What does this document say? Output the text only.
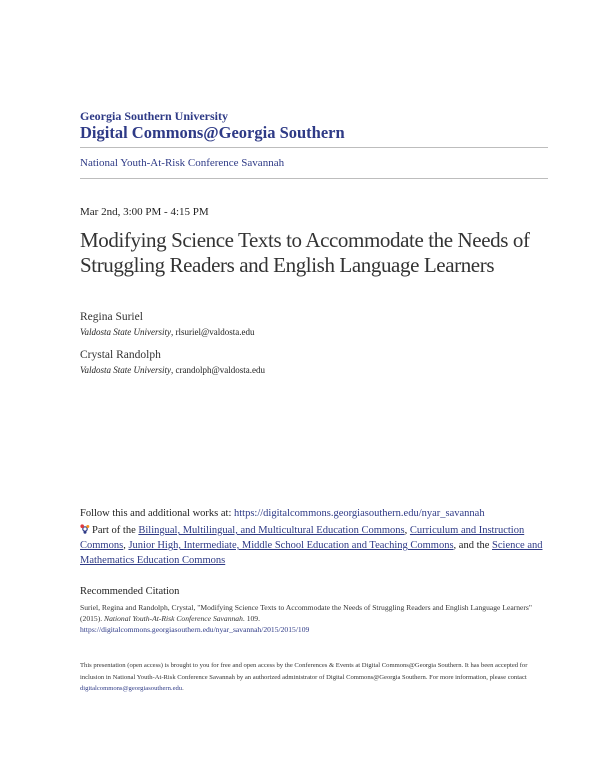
Georgia Southern University
Digital Commons@Georgia Southern
National Youth-At-Risk Conference Savannah
Mar 2nd, 3:00 PM - 4:15 PM
Modifying Science Texts to Accommodate the Needs of Struggling Readers and English Language Learners
Regina Suriel
Valdosta State University, rlsuriel@valdosta.edu
Crystal Randolph
Valdosta State University, crandolph@valdosta.edu
Follow this and additional works at: https://digitalcommons.georgiasouthern.edu/nyar_savannah
Part of the Bilingual, Multilingual, and Multicultural Education Commons, Curriculum and Instruction Commons, Junior High, Intermediate, Middle School Education and Teaching Commons, and the Science and Mathematics Education Commons
Recommended Citation
Suriel, Regina and Randolph, Crystal, "Modifying Science Texts to Accommodate the Needs of Struggling Readers and English Language Learners" (2015). National Youth-At-Risk Conference Savannah. 109.
https://digitalcommons.georgiasouthern.edu/nyar_savannah/2015/2015/109
This presentation (open access) is brought to you for free and open access by the Conferences & Events at Digital Commons@Georgia Southern. It has been accepted for inclusion in National Youth-At-Risk Conference Savannah by an authorized administrator of Digital Commons@Georgia Southern. For more information, please contact digitalcommons@georgiasouthern.edu.
